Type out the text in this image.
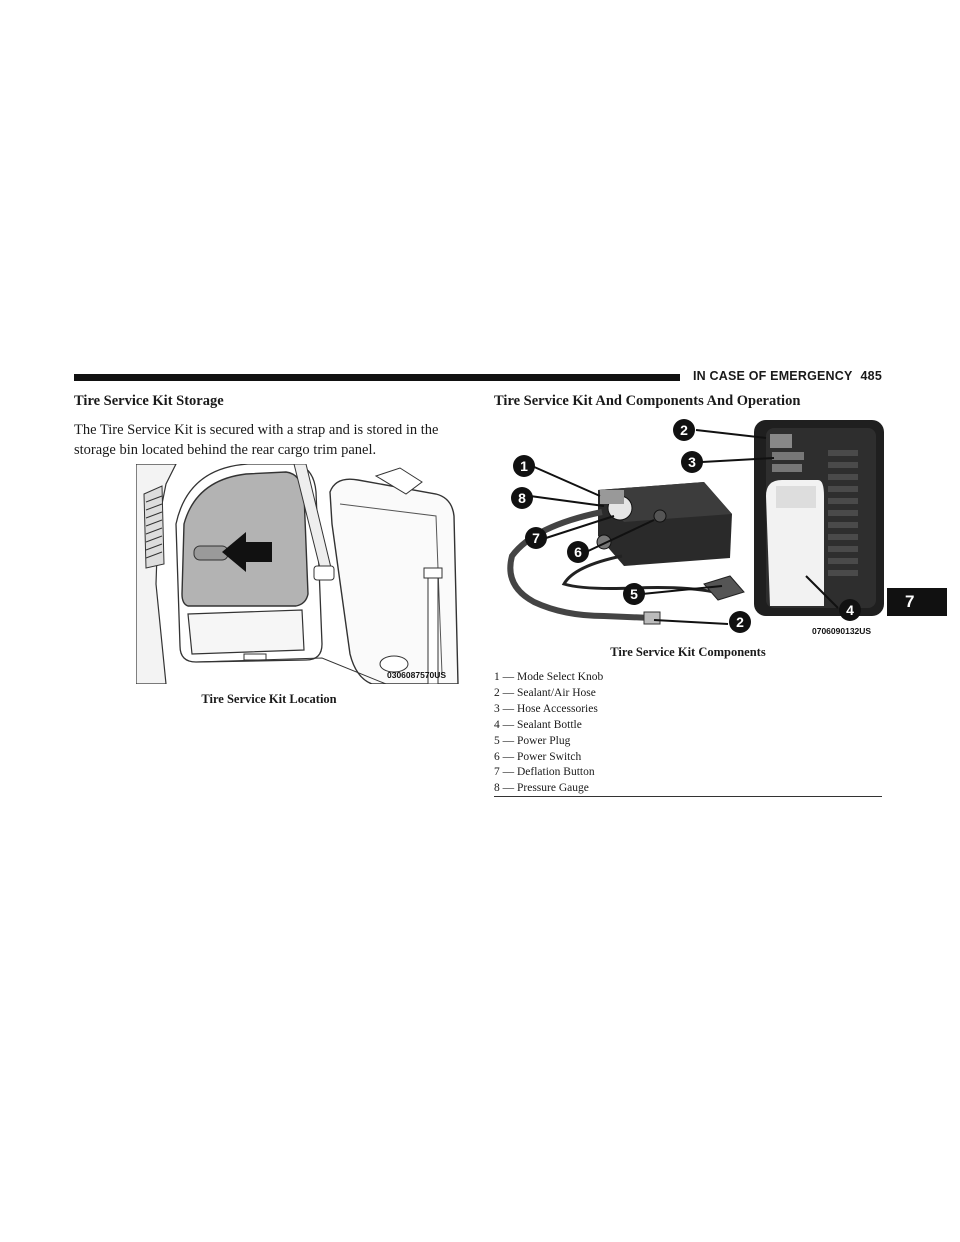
IN CASE OF EMERGENCY 485
Tire Service Kit Storage
The Tire Service Kit is secured with a strap and is stored in the storage bin located behind the rear cargo trim panel.
0306087570US
Tire Service Kit Location
Tire Service Kit And Components And Operation
2
3
1
8
7
6
5
2
4
0706090132US
Tire Service Kit Components
1 — Mode Select Knob
2 — Sealant/Air Hose
3 — Hose Accessories
4 — Sealant Bottle
5 — Power Plug
6 — Power Switch
7 — Deflation Button
8 — Pressure Gauge
7
